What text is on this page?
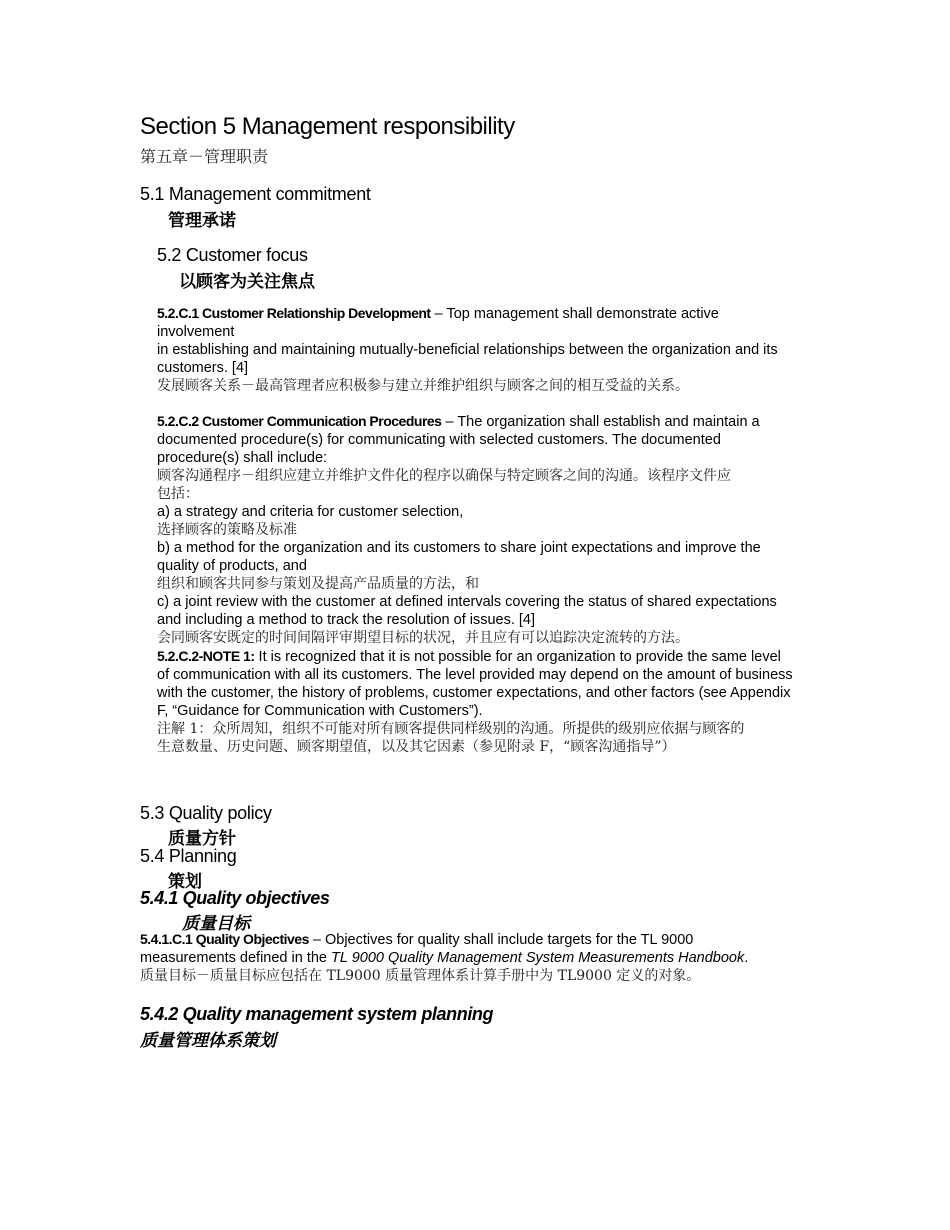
Section 5 Management responsibility
第五章－管理职责
5.1 Management commitment
管理承诺
5.2 Customer focus
以顾客为关注焦点
5.2.C.1 Customer Relationship Development – Top management shall demonstrate active
involvement
in establishing and maintaining mutually-beneficial relationships between the organization and its
customers. [4]
发展顾客关系－最高管理者应积极参与建立并维护组织与顾客之间的相互受益的关系。
5.2.C.2 Customer Communication Procedures – The organization shall establish and maintain a
documented procedure(s) for communicating with selected customers. The documented
procedure(s) shall include:
顾客沟通程序－组织应建立并维护文件化的程序以确保与特定顾客之间的沟通。该程序文件应
包括：
a) a strategy and criteria for customer selection,
选择顾客的策略及标准
b) a method for the organization and its customers to share joint expectations and improve the
quality of products, and
组织和顾客共同参与策划及提高产品质量的方法，和
c) a joint review with the customer at defined intervals covering the status of shared expectations
and including a method to track the resolution of issues. [4]
会同顾客安既定的时间间隔评审期望目标的状况，并且应有可以追踪决定流转的方法。
5.2.C.2-NOTE 1: It is recognized that it is not possible for an organization to provide the same level
of communication with all its customers. The level provided may depend on the amount of business
with the customer, the history of problems, customer expectations, and other factors (see Appendix
F, “Guidance for Communication with Customers”).
注解 1：众所周知，组织不可能对所有顾客提供同样级别的沟通。所提供的级别应依据与顾客的
生意数量、历史问题、顾客期望值，以及其它因素（参见附录 F，“顾客沟通指导”）
5.3 Quality policy
质量方针
5.4 Planning
策划
5.4.1 Quality objectives
质量目标
5.4.1.C.1 Quality Objectives – Objectives for quality shall include targets for the TL 9000
measurements defined in the TL 9000 Quality Management System Measurements Handbook.
质量目标－质量目标应包括在 TL9000 质量管理体系计算手册中为 TL9000 定义的对象。
5.4.2 Quality management system planning
质量管理体系策划
